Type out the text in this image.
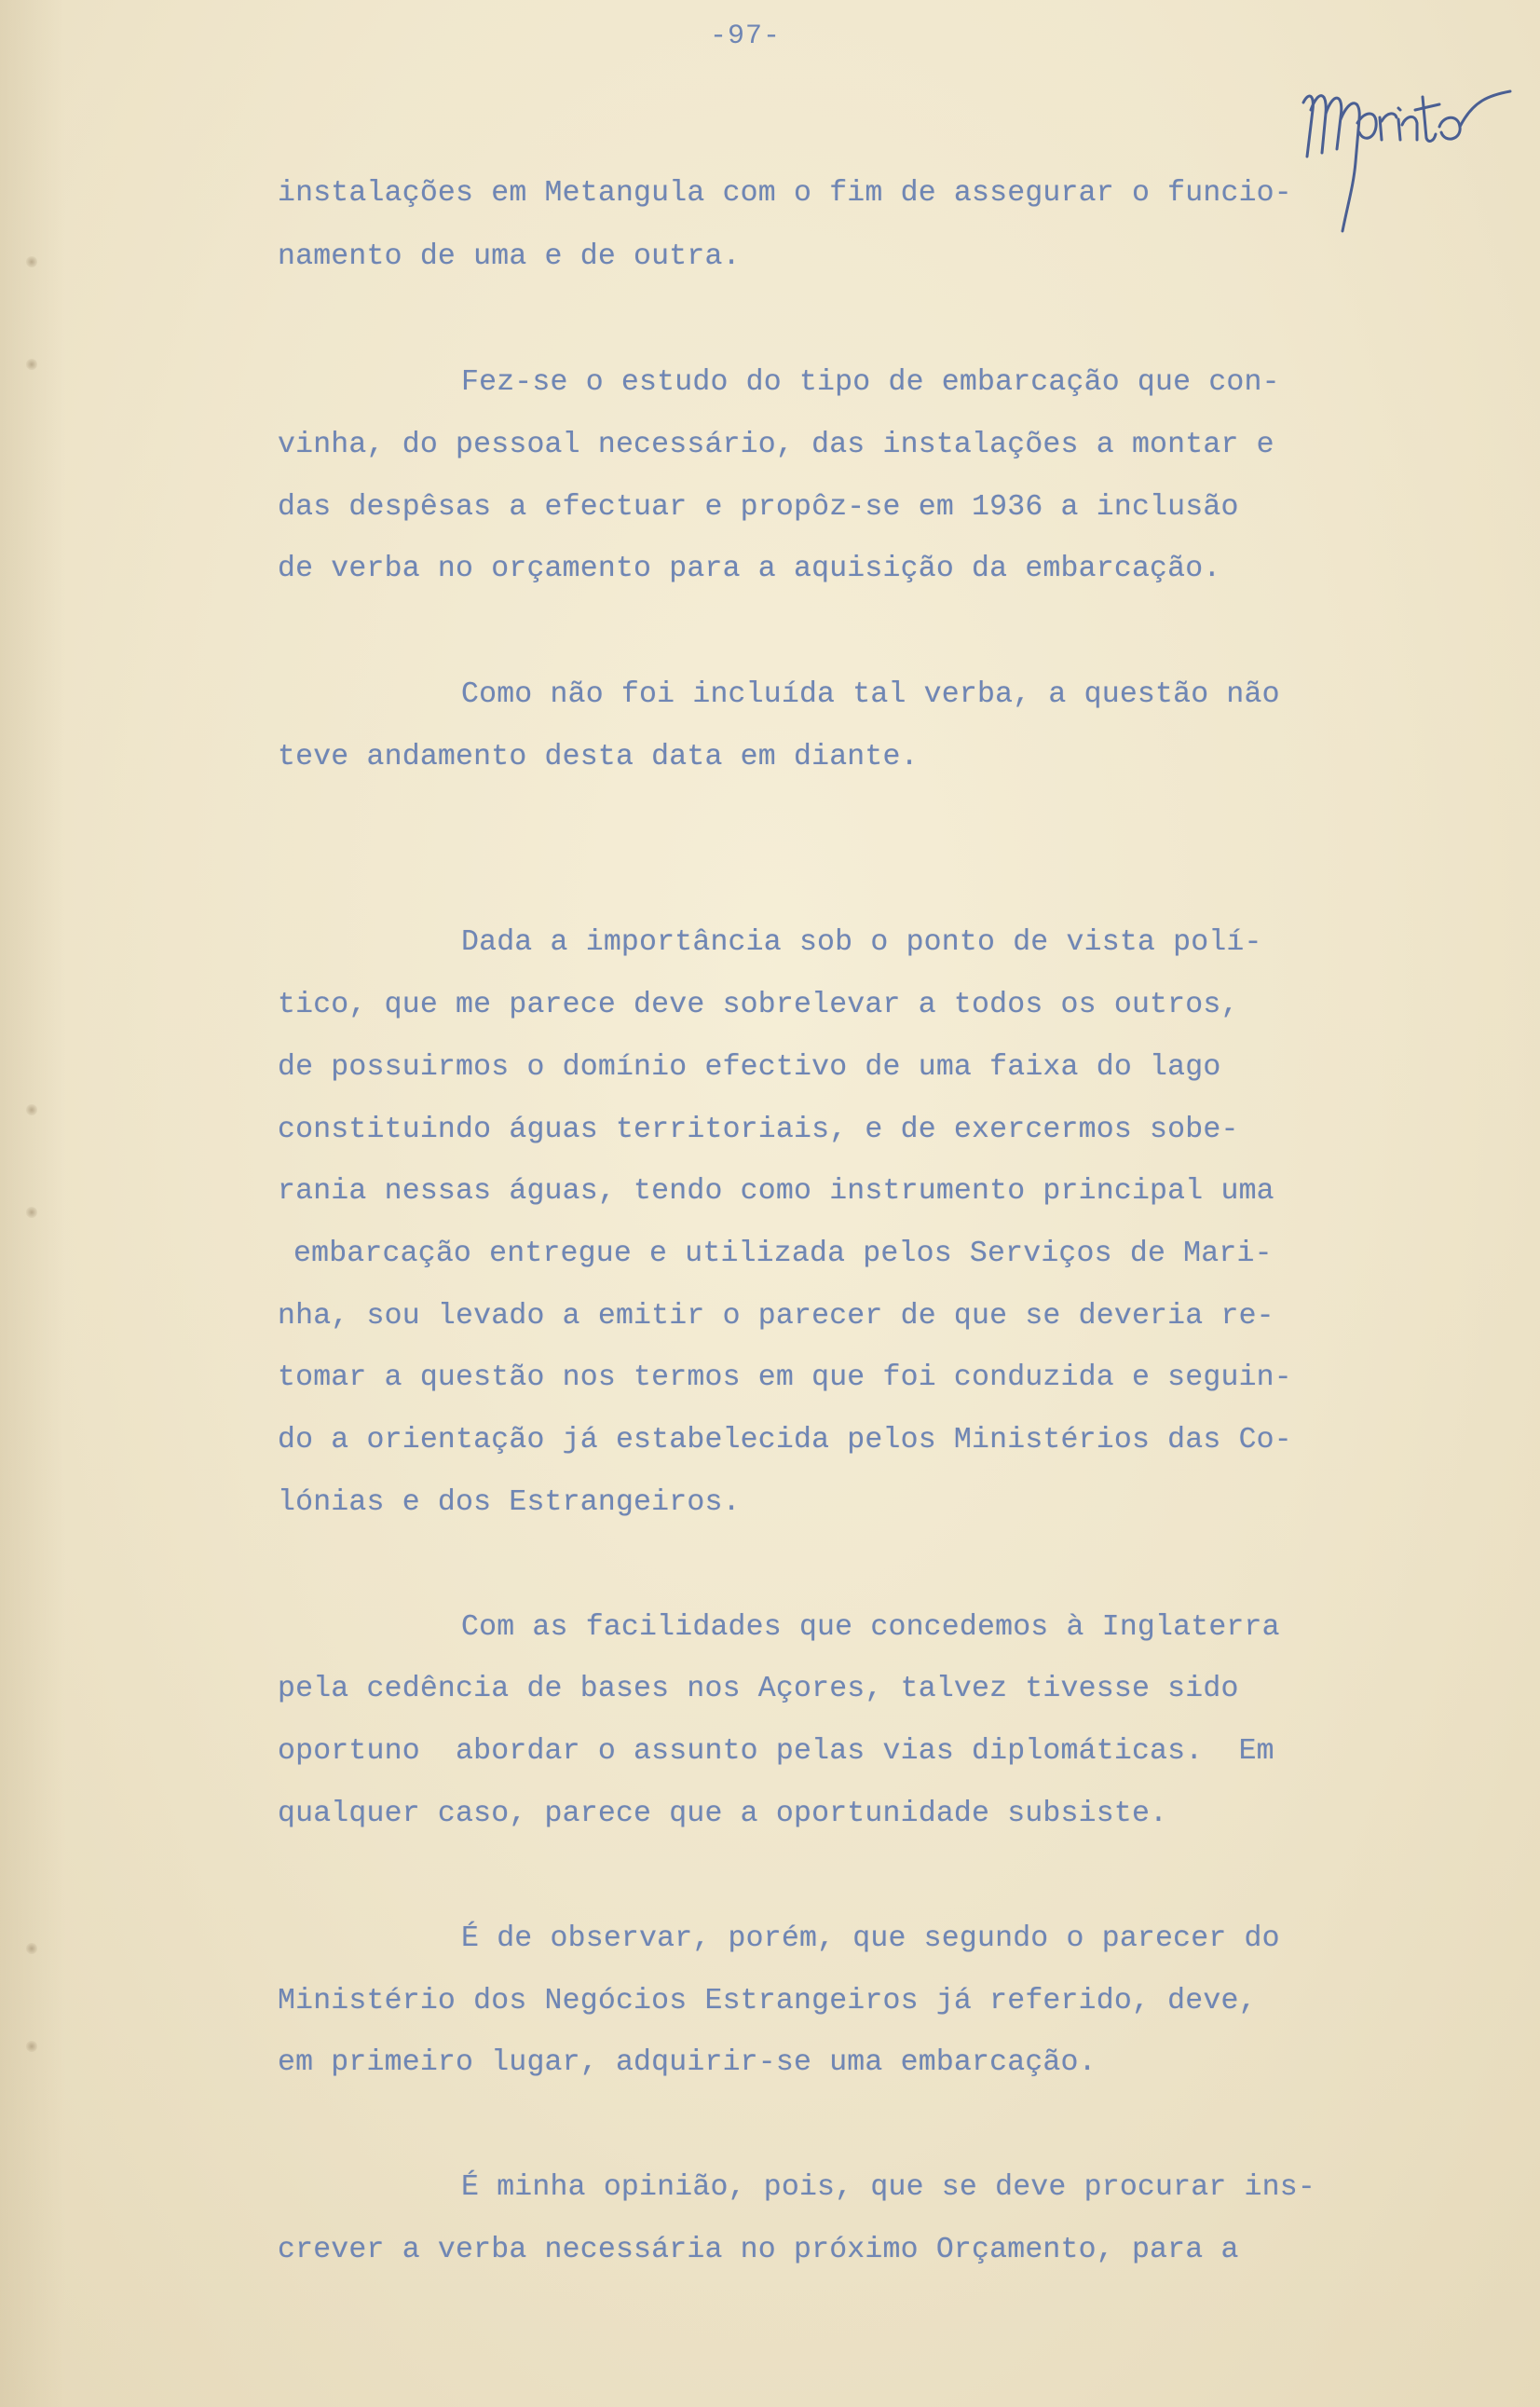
-97-
instalações em Metangula com o fim de assegurar o funcio-
namento de uma e de outra.
Fez-se o estudo do tipo de embarcação que con-
vinha, do pessoal necessário, das instalações a montar e
das despêsas a efectuar e propôz-se em 1936 a inclusão
de verba no orçamento para a aquisição da embarcação.
Como não foi incluída tal verba, a questão não
teve andamento desta data em diante.
Dada a importância sob o ponto de vista polí-
tico, que me parece deve sobrelevar a todos os outros,
de possuirmos o domínio efectivo de uma faixa do lago
constituindo águas territoriais, e de exercermos sobe-
rania nessas águas, tendo como instrumento principal uma
embarcação entregue e utilizada pelos Serviços de Mari-
nha, sou levado a emitir o parecer de que se deveria re-
tomar a questão nos termos em que foi conduzida e seguin-
do a orientação já estabelecida pelos Ministérios das Co-
lónias e dos Estrangeiros.
Com as facilidades que concedemos à Inglaterra
pela cedência de bases nos Açores, talvez tivesse sido
oportuno  abordar o assunto pelas vias diplomáticas.  Em
qualquer caso, parece que a oportunidade subsiste.
É de observar, porém, que segundo o parecer do
Ministério dos Negócios Estrangeiros já referido, deve,
em primeiro lugar, adquirir-se uma embarcação.
É minha opinião, pois, que se deve procurar ins-
crever a verba necessária no próximo Orçamento, para a
